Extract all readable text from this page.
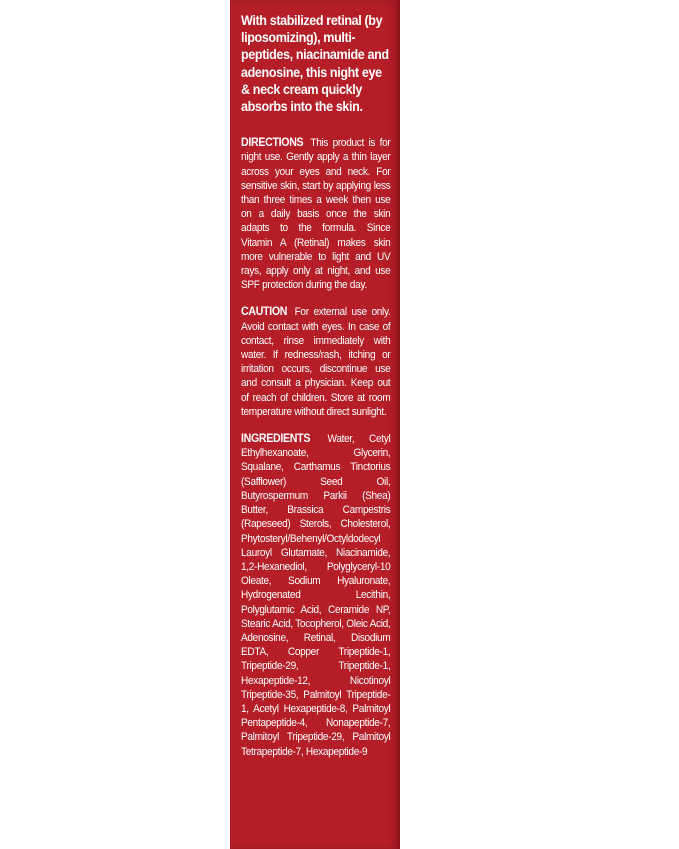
With stabilized retinal (by liposomizing), multi-peptides, niacinamide and adenosine, this night eye & neck cream quickly absorbs into the skin.

DIRECTIONS This product is for night use. Gently apply a thin layer across your eyes and neck. For sensitive skin, start by applying less than three times a week then use on a daily basis once the skin adapts to the formula. Since Vitamin A (Retinal) makes skin more vulnerable to light and UV rays, apply only at night, and use SPF protection during the day.

CAUTION For external use only. Avoid contact with eyes. In case of contact, rinse immediately with water. If redness/rash, itching or irritation occurs, discontinue use and consult a physician. Keep out of reach of children. Store at room temperature without direct sunlight.

INGREDIENTS Water, Cetyl Ethylhexanoate, Glycerin, Squalane, Carthamus Tinctorius (Safflower) Seed Oil, Butyrospermum Parkii (Shea) Butter, Brassica Campestris (Rapeseed) Sterols, Cholesterol, Phytosteryl/Behenyl/Octyldodecyl Lauroyl Glutamate, Niacinamide, 1,2-Hexanediol, Polyglyceryl-10 Oleate, Sodium Hyaluronate, Hydrogenated Lecithin, Polyglutamic Acid, Ceramide NP, Stearic Acid, Tocopherol, Oleic Acid, Adenosine, Retinal, Disodium EDTA, Copper Tripeptide-1, Tripeptide-29, Tripeptide-1, Hexapeptide-12, Nicotinoyl Tripeptide-35, Palmitoyl Tripeptide-1, Acetyl Hexapeptide-8, Palmitoyl Pentapeptide-4, Nonapeptide-7, Palmitoyl Tripeptide-29, Palmitoyl Tetrapeptide-7, Hexapeptide-9
